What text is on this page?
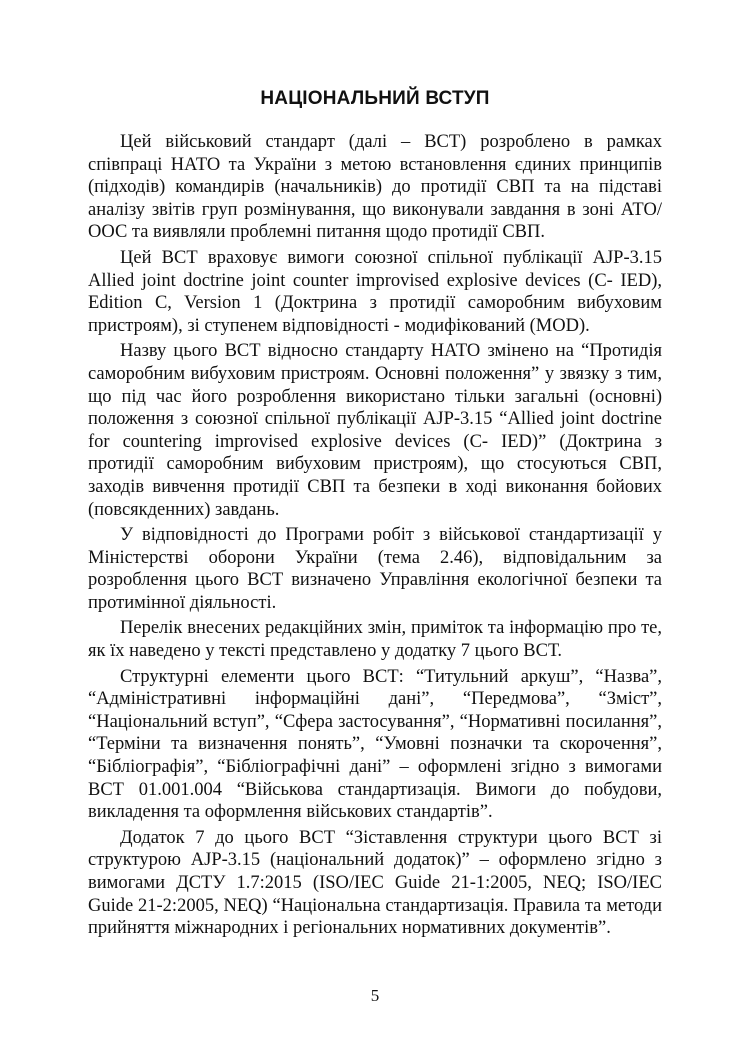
НАЦІОНАЛЬНИЙ ВСТУП

Цей військовий стандарт (далі – ВСТ) розроблено в рамках співпраці НАТО та України з метою встановлення єдиних принципів (підходів) командирів (начальників) до протидії СВП та на підставі аналізу звітів груп розмінування, що виконували завдання в зоні АТО/ООС та виявляли проблемні питання щодо протидії СВП.

Цей ВСТ враховує вимоги союзної спільної публікації AJP-3.15 Allied joint doctrine joint counter improvised explosive devices (C- IED), Edition C, Version 1 (Доктрина з протидії саморобним вибуховим пристроям), зі ступенем відповідності - модифікований (MOD).

Назву цього ВСТ відносно стандарту НАТО змінено на “Протидія саморобним вибуховим пристроям. Основні положення” у звязку з тим, що під час його розроблення використано тільки загальні (основні) положення з союзної спільної публікації AJP-3.15 “Allied joint doctrine for countering improvised explosive devices (C- IED)” (Доктрина з протидії саморобним вибуховим пристроям), що стосуються СВП, заходів вивчення протидії СВП та безпеки в ході виконання бойових (повсякденних) завдань.

У відповідності до Програми робіт з військової стандартизації у Міністерстві оборони України (тема 2.46), відповідальним за розроблення цього ВСТ визначено Управління екологічної безпеки та протимінної діяльності.

Перелік внесених редакційних змін, приміток та інформацію про те, як їх наведено у тексті представлено у додатку 7 цього ВСТ.

Структурні елементи цього ВСТ: “Титульний аркуш”, “Назва”, “Адміністративні інформаційні дані”, “Передмова”, “Зміст”, “Національний вступ”, “Сфера застосування”, “Нормативні посилання”, “Терміни та визначення понять”, “Умовні позначки та скорочення”, “Бібліографія”, “Бібліографічні дані” – оформлені згідно з вимогами ВСТ 01.001.004 “Військова стандартизація. Вимоги до побудови, викладення та оформлення військових стандартів”.

Додаток 7 до цього ВСТ “Зіставлення структури цього ВСТ зі структурою AJP-3.15 (національний додаток)” – оформлено згідно з вимогами ДСТУ 1.7:2015 (ISO/IEC Guide 21-1:2005, NEQ; ISO/IEC Guide 21-2:2005, NEQ) “Національна стандартизація. Правила та методи прийняття міжнародних і регіональних нормативних документів”.

5
